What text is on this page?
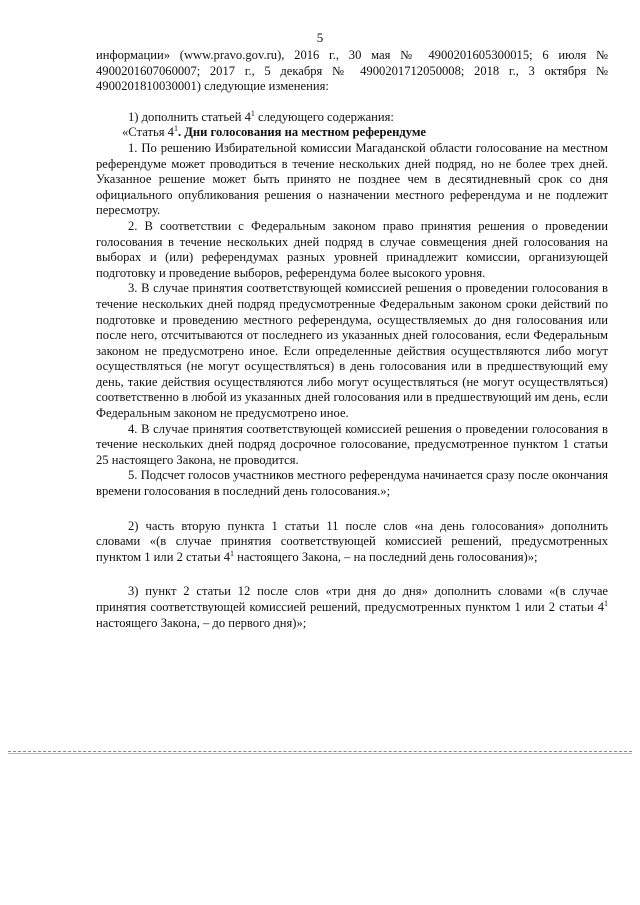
5

информации» (www.pravo.gov.ru), 2016 г., 30 мая № 4900201605300015; 6 июля № 4900201607060007; 2017 г., 5 декабря № 4900201712050008; 2018 г., 3 октября № 4900201810030001) следующие изменения:

1) дополнить статьей $4^1$ следующего содержания:

«Статья $4^1$. Дни голосования на местном референдуме

1. По решению Избирательной комиссии Магаданской области голосование на местном референдуме может проводиться в течение нескольких дней подряд, но не более трех дней. Указанное решение может быть принято не позднее чем в десятидневный срок со дня официального опубликования решения о назначении местного референдума и не подлежит пересмотру.

2. В соответствии с Федеральным законом право принятия решения о проведении голосования в течение нескольких дней подряд в случае совмещения дней голосования на выборах и (или) референдумах разных уровней принадлежит комиссии, организующей подготовку и проведение выборов, референдума более высокого уровня.

3. В случае принятия соответствующей комиссией решения о проведении голосования в течение нескольких дней подряд предусмотренные Федеральным законом сроки действий по подготовке и проведению местного референдума, осуществляемых до дня голосования или после него, отсчитываются от последнего из указанных дней голосования, если Федеральным законом не предусмотрено иное. Если определенные действия осуществляются либо могут осуществляться (не могут осуществляться) в день голосования или в предшествующий ему день, такие действия осуществляются либо могут осуществляться (не могут осуществляться) соответственно в любой из указанных дней голосования или в предшествующий им день, если Федеральным законом не предусмотрено иное.

4. В случае принятия соответствующей комиссией решения о проведении голосования в течение нескольких дней подряд досрочное голосование, предусмотренное пунктом 1 статьи 25 настоящего Закона, не проводится.

5. Подсчет голосов участников местного референдума начинается сразу после окончания времени голосования в последний день голосования.»;

2) часть вторую пункта 1 статьи 11 после слов «на день голосования» дополнить словами «(в случае принятия соответствующей комиссией решений, предусмотренных пунктом 1 или 2 статьи $4^1$ настоящего Закона, – на последний день голосования)»;

3) пункт 2 статьи 12 после слов «три дня до дня» дополнить словами «(в случае принятия соответствующей комиссией решений, предусмотренных пунктом 1 или 2 статьи $4^1$ настоящего Закона, – до первого дня)»;
